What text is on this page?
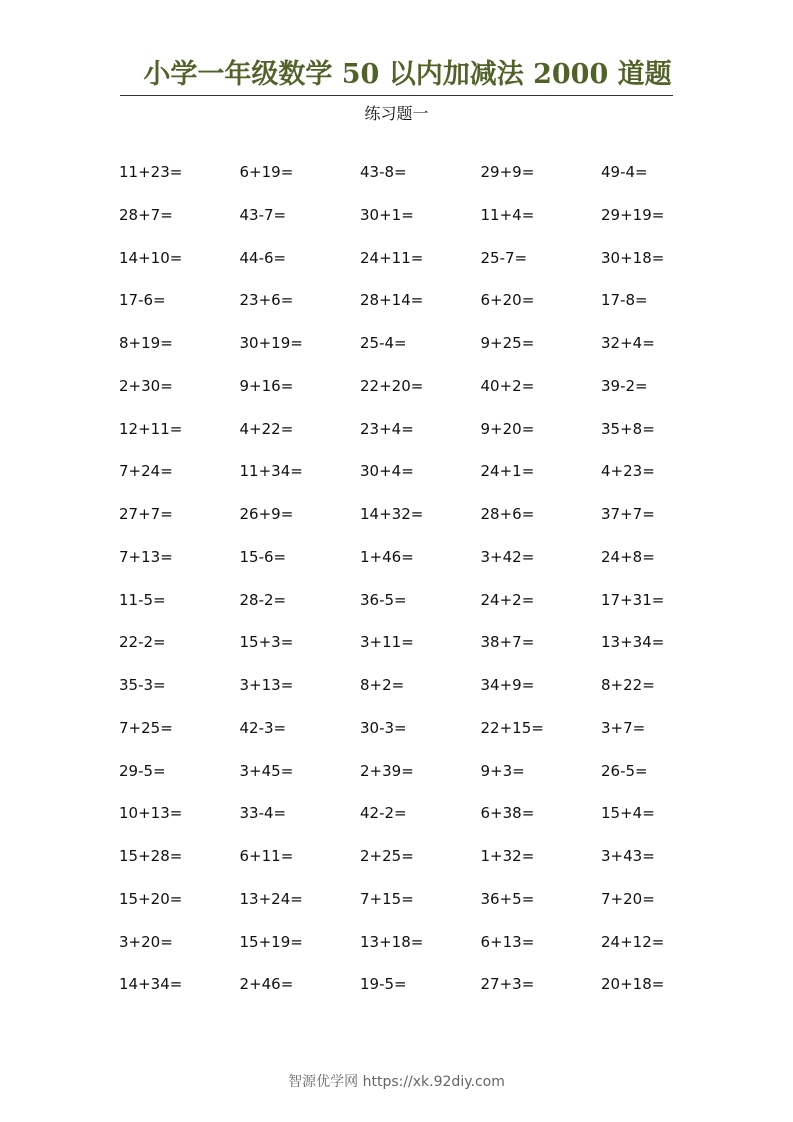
小学一年级数学 50 以内加减法 2000 道题
练习题一
11+23=	6+19=	43-8=	29+9=	49-4=
28+7=	43-7=	30+1=	11+4=	29+19=
14+10=	44-6=	24+11=	25-7=	30+18=
17-6=	23+6=	28+14=	6+20=	17-8=
8+19=	30+19=	25-4=	9+25=	32+4=
2+30=	9+16=	22+20=	40+2=	39-2=
12+11=	4+22=	23+4=	9+20=	35+8=
7+24=	11+34=	30+4=	24+1=	4+23=
27+7=	26+9=	14+32=	28+6=	37+7=
7+13=	15-6=	1+46=	3+42=	24+8=
11-5=	28-2=	36-5=	24+2=	17+31=
22-2=	15+3=	3+11=	38+7=	13+34=
35-3=	3+13=	8+2=	34+9=	8+22=
7+25=	42-3=	30-3=	22+15=	3+7=
29-5=	3+45=	2+39=	9+3=	26-5=
10+13=	33-4=	42-2=	6+38=	15+4=
15+28=	6+11=	2+25=	1+32=	3+43=
15+20=	13+24=	7+15=	36+5=	7+20=
3+20=	15+19=	13+18=	6+13=	24+12=
14+34=	2+46=	19-5=	27+3=	20+18=
智源优学网 https://xk.92diy.com
